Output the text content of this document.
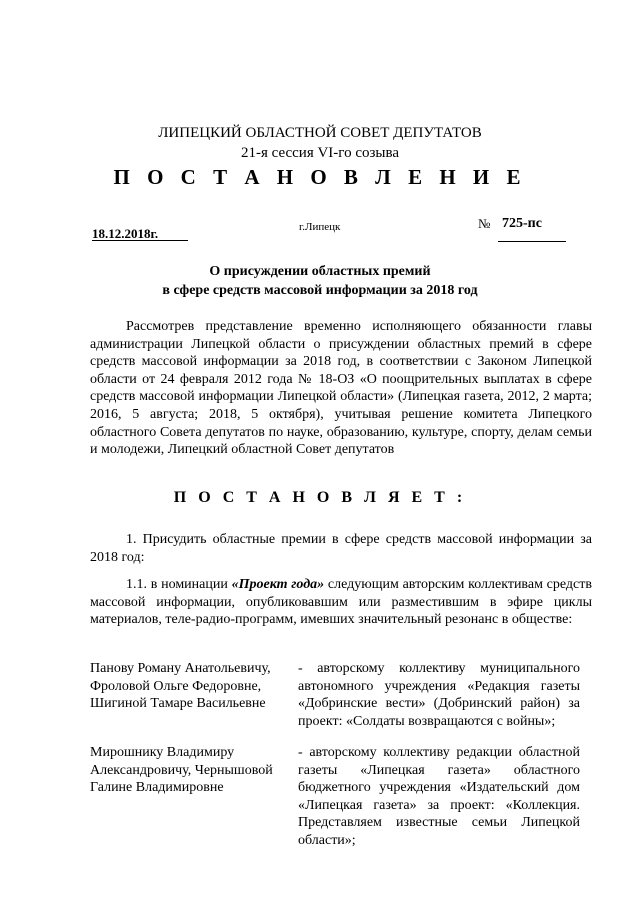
ЛИПЕЦКИЙ ОБЛАСТНОЙ СОВЕТ ДЕПУТАТОВ
21-я сессия VI-го созыва
П О С Т А Н О В Л Е Н И Е
г.Липецк
18.12.2018г.
№ 725-пс
О присуждении областных премий
в сфере средств массовой информации за 2018 год
Рассмотрев представление временно исполняющего обязанности главы администрации Липецкой области о присуждении областных премий в сфере средств массовой информации за 2018 год, в соответствии с Законом Липецкой области от 24 февраля 2012 года № 18-ОЗ «О поощрительных выплатах в сфере средств массовой информации Липецкой области» (Липецкая газета, 2012, 2 марта; 2016, 5 августа; 2018, 5 октября), учитывая решение комитета Липецкого областного Совета депутатов по науке, образованию, культуре, спорту, делам семьи и молодежи, Липецкий областной Совет депутатов
П О С Т А Н О В Л Я Е Т :
1. Присудить областные премии в сфере средств массовой информации за 2018 год:
1.1. в номинации «Проект года» следующим авторским коллективам средств массовой информации, опубликовавшим или разместившим в эфире циклы материалов, теле-радио-программ, имевших значительный резонанс в обществе:
Панову Роману Анатольевичу, Фроловой Ольге Федоровне, Шигиной Тамаре Васильевне
- авторскому коллективу муниципального автономного учреждения «Редакция газеты «Добринские вести» (Добринский район) за проект: «Солдаты возвращаются с войны»;
Мирошнику Владимиру Александровичу, Чернышовой Галине Владимировне
- авторскому коллективу редакции областной газеты «Липецкая газета» областного бюджетного учреждения «Издательский дом «Липецкая газета» за проект: «Коллекция. Представляем известные семьи Липецкой области»;
